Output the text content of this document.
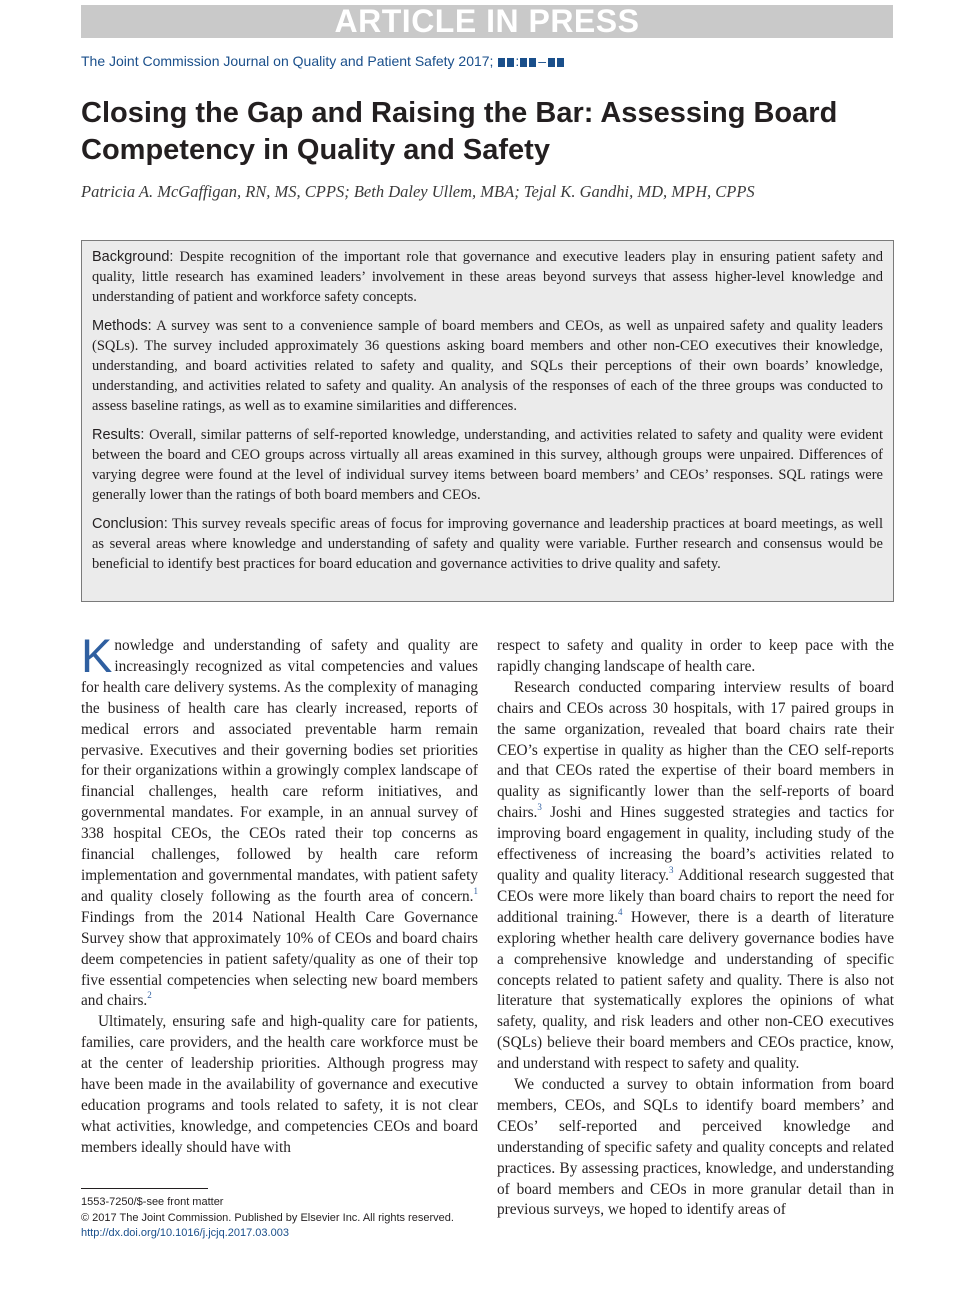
ARTICLE IN PRESS
The Joint Commission Journal on Quality and Patient Safety 2017; : –
Closing the Gap and Raising the Bar: Assessing Board
Competency in Quality and Safety
Patricia A. McGaffigan, RN, MS, CPPS; Beth Daley Ullem, MBA; Tejal K. Gandhi, MD, MPH, CPPS

Background: Despite recognition of the important role that governance and executive leaders play in ensuring patient safety and quality, little research has examined leaders’ involvement in these areas beyond surveys that assess higher-level knowledge and understanding of patient and workforce safety concepts.

Methods: A survey was sent to a convenience sample of board members and CEOs, as well as unpaired safety and quality leaders (SQLs). The survey included approximately 36 questions asking board members and other non-CEO executives their knowledge, understanding, and board activities related to safety and quality, and SQLs their perceptions of their own boards’ knowledge, understanding, and activities related to safety and quality. An analysis of the responses of each of the three groups was conducted to assess baseline ratings, as well as to examine similarities and differences.

Results: Overall, similar patterns of self-reported knowledge, understanding, and activities related to safety and quality were evident between the board and CEO groups across virtually all areas examined in this survey, although groups were unpaired. Differences of varying degree were found at the level of individual survey items between board members’ and CEOs’ responses. SQL ratings were generally lower than the ratings of both board members and CEOs.

Conclusion: This survey reveals specific areas of focus for improving governance and leadership practices at board meetings, as well as several areas where knowledge and understanding of safety and quality were variable. Further research and consensus would be beneficial to identify best practices for board education and governance activities to drive quality and safety.

Knowledge and understanding of safety and quality are increasingly recognized as vital competencies and values for health care delivery systems. As the complexity of managing the business of health care has clearly increased, reports of medical errors and associated preventable harm remain pervasive. Executives and their governing bodies set priorities for their organizations within a growingly complex landscape of financial challenges, health care reform initiatives, and governmental mandates. For example, in an annual survey of 338 hospital CEOs, the CEOs rated their top concerns as financial challenges, followed by health care reform implementation and governmental mandates, with patient safety and quality closely following as the fourth area of concern.$^1$ Findings from the 2014 National Health Care Governance Survey show that approximately 10% of CEOs and board chairs deem competencies in patient safety/quality as one of their top five essential competencies when selecting new board members and chairs.$^2$

Ultimately, ensuring safe and high-quality care for patients, families, care providers, and the health care workforce must be at the center of leadership priorities. Although progress may have been made in the availability of governance and executive education programs and tools related to safety, it is not clear what activities, knowledge, and competencies CEOs and board members ideally should have with

respect to safety and quality in order to keep pace with the rapidly changing landscape of health care.

Research conducted comparing interview results of board chairs and CEOs across 30 hospitals, with 17 paired groups in the same organization, revealed that board chairs rate their CEO’s expertise in quality as higher than the CEO self-reports and that CEOs rated the expertise of their board members in quality as significantly lower than the self-reports of board chairs.$^3$ Joshi and Hines suggested strategies and tactics for improving board engagement in quality, including study of the effectiveness of increasing the board’s activities related to quality and quality literacy.$^3$ Additional research suggested that CEOs were more likely than board chairs to report the need for additional training.$^4$ However, there is a dearth of literature exploring whether health care delivery governance bodies have a comprehensive knowledge and understanding of specific concepts related to patient safety and quality. There is also not literature that systematically explores the opinions of what safety, quality, and risk leaders and other non-CEO executives (SQLs) believe their board members and CEOs practice, know, and understand with respect to safety and quality.

We conducted a survey to obtain information from board members, CEOs, and SQLs to identify board members’ and CEOs’ self-reported and perceived knowledge and understanding of specific safety and quality concepts and related practices. By assessing practices, knowledge, and understanding of board members and CEOs in more granular detail than in previous surveys, we hoped to identify areas of

1553-7250/$-see front matter
© 2017 The Joint Commission. Published by Elsevier Inc. All rights reserved.
http://dx.doi.org/10.1016/j.jcjq.2017.03.003
